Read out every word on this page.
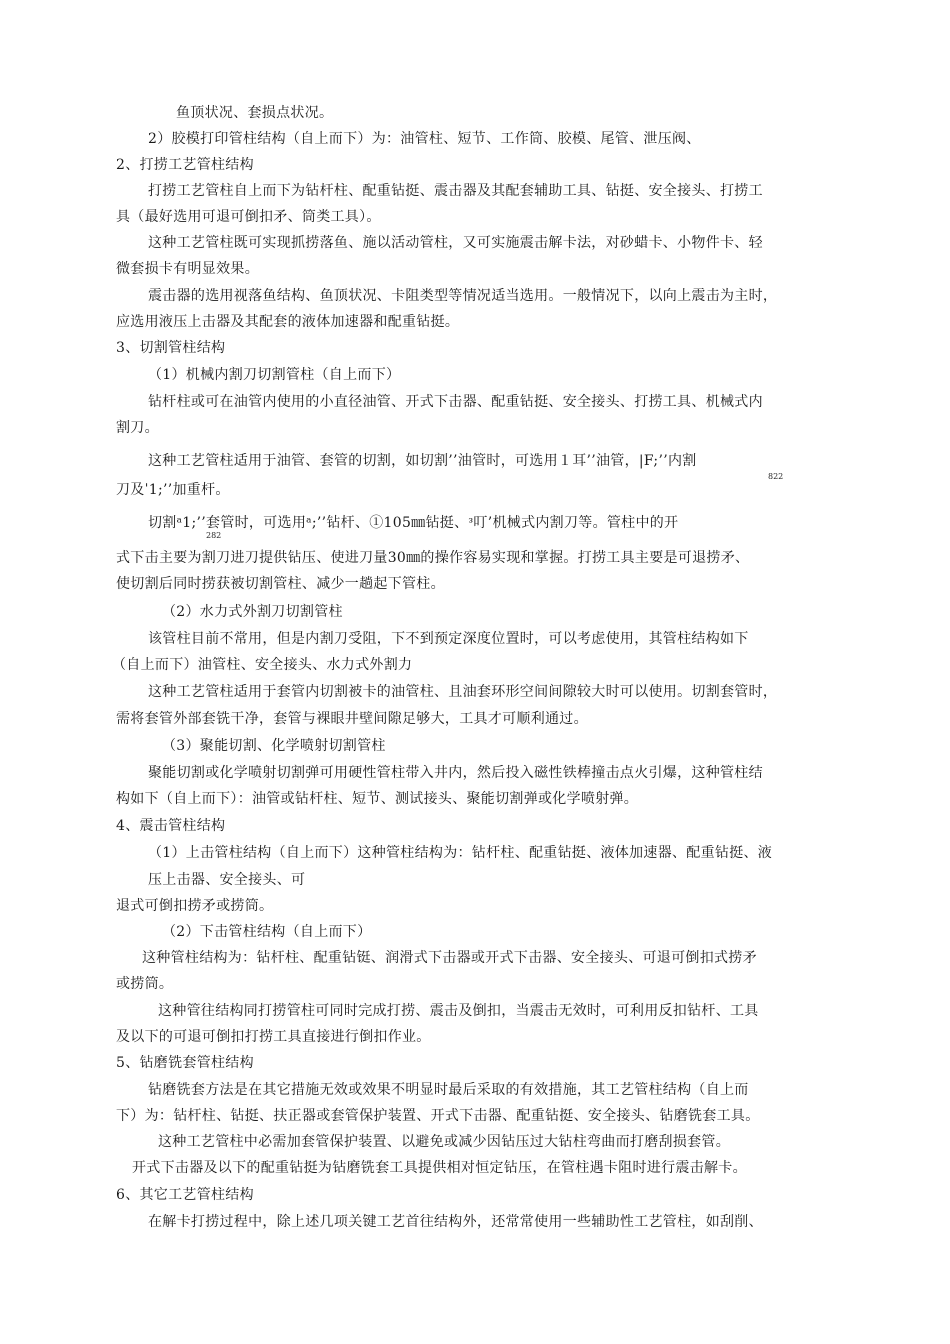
鱼顶状况、套损点状况。
2）胶模打印管柱结构（自上而下）为：油管柱、短节、工作筒、胶模、尾管、泄压阀、
2、打捞工艺管柱结构
打捞工艺管柱自上而下为钻杆柱、配重钻挺、震击器及其配套辅助工具、钻挺、安全接头、打捞工
具（最好选用可退可倒扣矛、筒类工具）。
这种工艺管柱既可实现抓捞落鱼、施以活动管柱，又可实施震击解卡法，对砂蜡卡、小物件卡、轻
微套损卡有明显效果。
震击器的选用视落鱼结构、鱼顶状况、卡阻类型等情况适当选用。一般情况下，以向上震击为主时，
应选用液压上击器及其配套的液体加速器和配重钻挺。
3、切割管柱结构
（1）机械内割刀切割管柱（自上而下）
钻杆柱或可在油管内使用的小直径油管、开式下击器、配重钻挺、安全接头、打捞工具、机械式内
割刀。
这种工艺管柱适用于油管、套管的切割，如切割’’油管时，可选用１耳’’油管，|F;’’内割
822
刀及ˈ1;’’加重杆。
切割ᵃ1;’’套管时，可选用ᵃ;’’钻杆、①105㎜钻挺、ᵌ叮’机械式内割刀等。管柱中的开
282
式下击主要为割刀进刀提供钻压、使进刀量30㎜的操作容易实现和掌握。打捞工具主要是可退捞矛、
使切割后同时捞获被切割管柱、减少一趟起下管柱。
（2）水力式外割刀切割管柱
该管柱目前不常用，但是内割刀受阻，下不到预定深度位置时，可以考虑使用，其管柱结构如下
（自上而下）油管柱、安全接头、水力式外割力
这种工艺管柱适用于套管内切割被卡的油管柱、且油套环形空间间隙较大时可以使用。切割套管时，
需将套管外部套铣干净，套管与裸眼井壁间隙足够大，工具才可顺利通过。
（3）聚能切割、化学喷射切割管柱
聚能切割或化学喷射切割弹可用硬性管柱带入井内，然后投入磁性铁棒撞击点火引爆，这种管柱结
构如下（自上而下）：油管或钻杆柱、短节、测试接头、聚能切割弹或化学喷射弹。
4、震击管柱结构
（1）上击管柱结构（自上而下）这种管柱结构为：钻杆柱、配重钻挺、液体加速器、配重钻挺、液
压上击器、安全接头、可
退式可倒扣捞矛或捞筒。
（2）下击管柱结构（自上而下）
这种管柱结构为：钻杆柱、配重钻铤、润滑式下击器或开式下击器、安全接头、可退可倒扣式捞矛
或捞筒。
这种管往结构同打捞管柱可同时完成打捞、震击及倒扣，当震击无效时，可利用反扣钻杆、工具
及以下的可退可倒扣打捞工具直接进行倒扣作业。
5、钻磨铣套管柱结构
钻磨铣套方法是在其它措施无效或效果不明显时最后采取的有效措施，其工艺管柱结构（自上而
下）为：钻杆柱、钻挺、扶正器或套管保护装置、开式下击器、配重钻挺、安全接头、钻磨铣套工具。
这种工艺管柱中必需加套管保护装置、以避免或减少因钻压过大钻柱弯曲而打磨刮损套管。
开式下击器及以下的配重钻挺为钻磨铣套工具提供相对恒定钻压，在管柱遇卡阻时进行震击解卡。
6、其它工艺管柱结构
在解卡打捞过程中，除上述几项关键工艺首往结构外，还常常使用一些辅助性工艺管柱，如刮削、
